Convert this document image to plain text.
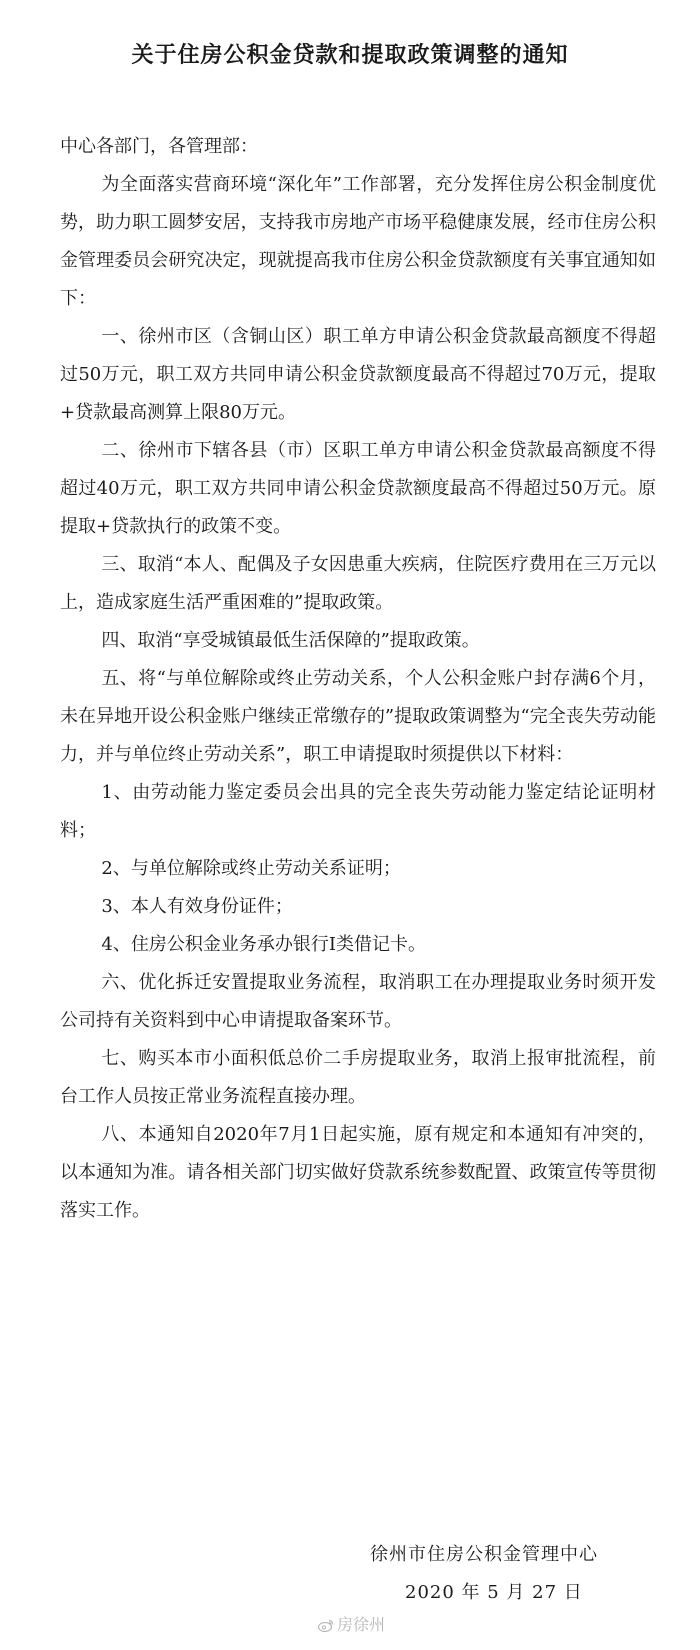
关于住房公积金贷款和提取政策调整的通知

中心各部门，各管理部：

为全面落实营商环境“深化年”工作部署，充分发挥住房公积金制度优势，助力职工圆梦安居，支持我市房地产市场平稳健康发展，经市住房公积金管理委员会研究决定，现就提高我市住房公积金贷款额度有关事宜通知如下：

一、徐州市区（含铜山区）职工单方申请公积金贷款最高额度不得超过50万元，职工双方共同申请公积金贷款额度最高不得超过70万元，提取+贷款最高测算上限80万元。

二、徐州市下辖各县（市）区职工单方申请公积金贷款最高额度不得超过40万元，职工双方共同申请公积金贷款额度最高不得超过50万元。原提取+贷款执行的政策不变。

三、取消“本人、配偶及子女因患重大疾病，住院医疗费用在三万元以上，造成家庭生活严重困难的”提取政策。

四、取消“享受城镇最低生活保障的”提取政策。

五、将“与单位解除或终止劳动关系，个人公积金账户封存满6个月，未在异地开设公积金账户继续正常缴存的”提取政策调整为“完全丧失劳动能力，并与单位终止劳动关系”，职工申请提取时须提供以下材料：

1、由劳动能力鉴定委员会出具的完全丧失劳动能力鉴定结论证明材料；

2、与单位解除或终止劳动关系证明；

3、本人有效身份证件；

4、住房公积金业务承办银行Ⅰ类借记卡。

六、优化拆迁安置提取业务流程，取消职工在办理提取业务时须开发公司持有关资料到中心申请提取备案环节。

七、购买本市小面积低总价二手房提取业务，取消上报审批流程，前台工作人员按正常业务流程直接办理。

八、本通知自2020年7月1日起实施，原有规定和本通知有冲突的，以本通知为准。请各相关部门切实做好贷款系统参数配置、政策宣传等贯彻落实工作。

徐州市住房公积金管理中心
2020 年 5 月 27 日
房徐州
